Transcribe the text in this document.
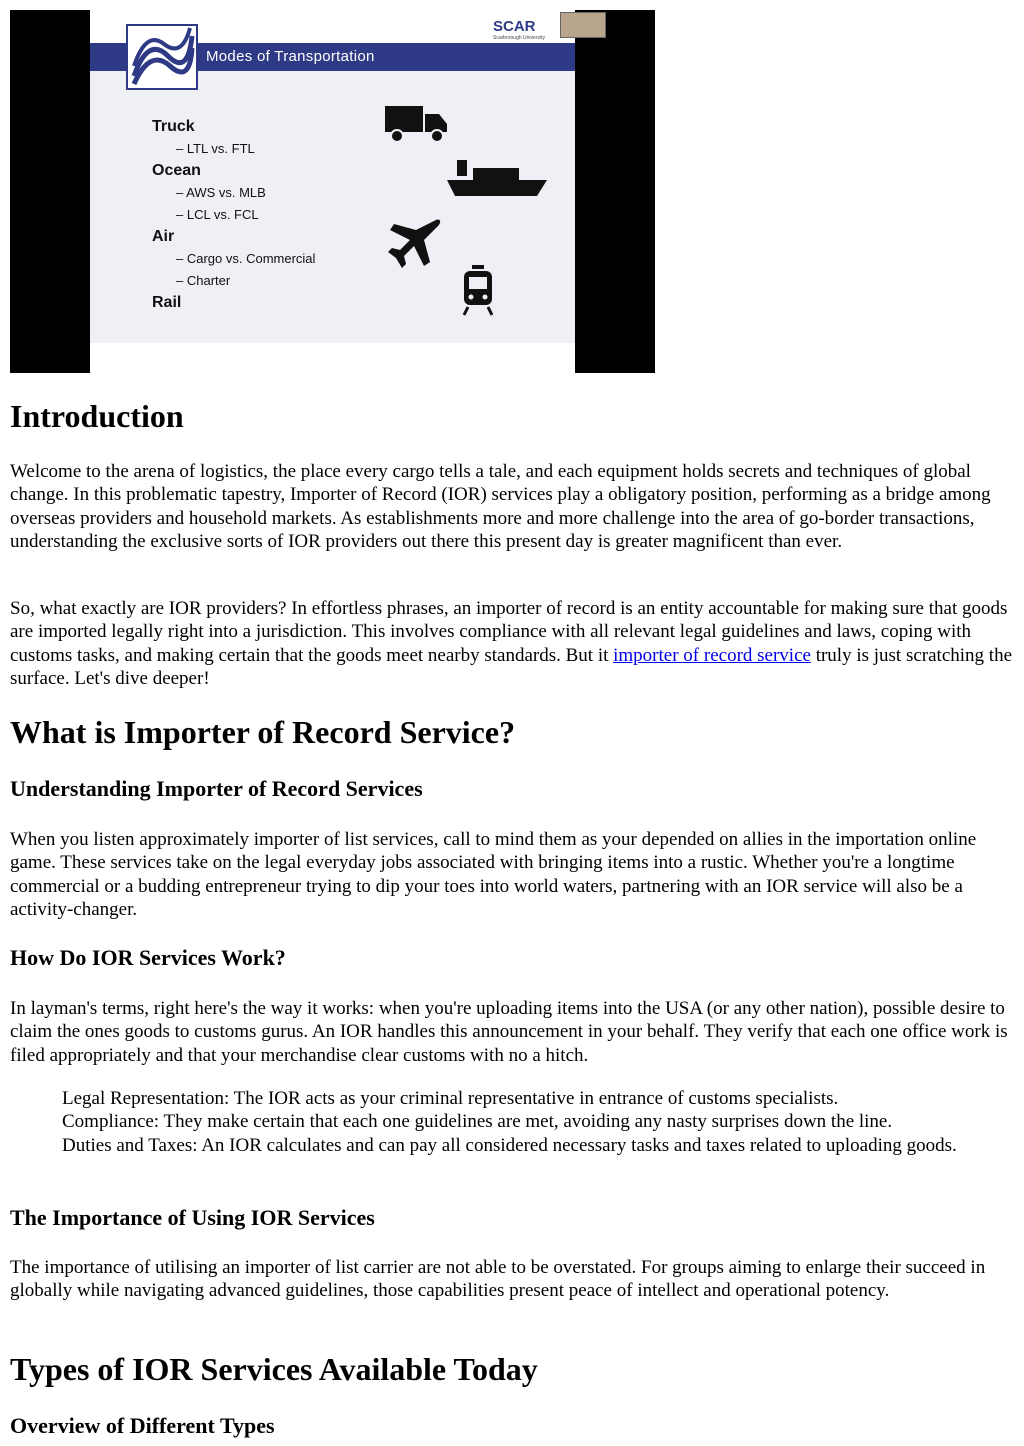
Modes of Transportation
SCAR
Scarborough University

Truck

– LTL vs. FTL

Ocean

– AWS vs. MLB

– LCL vs. FCL

Air

– Cargo vs. Commercial

– Charter

Rail

Introduction

Welcome to the arena of logistics, the place every cargo tells a tale, and each equipment holds secrets and techniques of global change. In this problematic tapestry, Importer of Record (IOR) services play a obligatory position, performing as a bridge among overseas providers and household markets. As establishments more and more challenge into the area of go-border transactions, understanding the exclusive sorts of IOR providers out there this present day is greater magnificent than ever.

So, what exactly are IOR providers? In effortless phrases, an importer of record is an entity accountable for making sure that goods are imported legally right into a jurisdiction. This involves compliance with all relevant legal guidelines and laws, coping with customs tasks, and making certain that the goods meet nearby standards. But it importer of record service truly is just scratching the surface. Let's dive deeper!

What is Importer of Record Service?
Understanding Importer of Record Services

When you listen approximately importer of list services, call to mind them as your depended on allies in the importation online game. These services take on the legal everyday jobs associated with bringing items into a rustic. Whether you're a longtime commercial or a budding entrepreneur trying to dip your toes into world waters, partnering with an IOR service will also be a activity-changer.

How Do IOR Services Work?

In layman's terms, right here's the way it works: when you're uploading items into the USA (or any other nation), possible desire to claim the ones goods to customs gurus. An IOR handles this announcement in your behalf. They verify that each one office work is filed appropriately and that your merchandise clear customs with no a hitch.

Legal Representation: The IOR acts as your criminal representative in entrance of customs specialists.
Compliance: They make certain that each one guidelines are met, avoiding any nasty surprises down the line.
Duties and Taxes: An IOR calculates and can pay all considered necessary tasks and taxes related to uploading goods.
The Importance of Using IOR Services

The importance of utilising an importer of list carrier are not able to be overstated. For groups aiming to enlarge their succeed in globally while navigating advanced guidelines, those capabilities present peace of intellect and operational potency.

Types of IOR Services Available Today
Overview of Different Types
